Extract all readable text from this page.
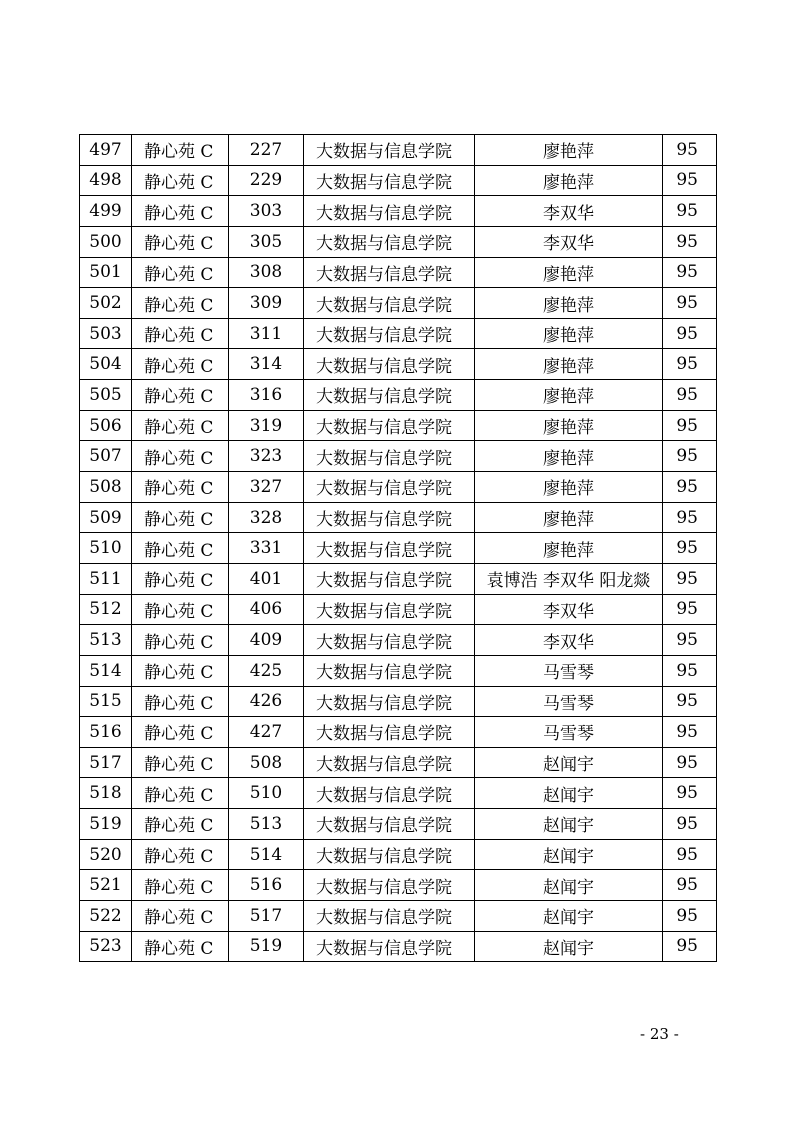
497	静心苑 C	227	大数据与信息学院	廖艳萍	95
498	静心苑 C	229	大数据与信息学院	廖艳萍	95
499	静心苑 C	303	大数据与信息学院	李双华	95
500	静心苑 C	305	大数据与信息学院	李双华	95
501	静心苑 C	308	大数据与信息学院	廖艳萍	95
502	静心苑 C	309	大数据与信息学院	廖艳萍	95
503	静心苑 C	311	大数据与信息学院	廖艳萍	95
504	静心苑 C	314	大数据与信息学院	廖艳萍	95
505	静心苑 C	316	大数据与信息学院	廖艳萍	95
506	静心苑 C	319	大数据与信息学院	廖艳萍	95
507	静心苑 C	323	大数据与信息学院	廖艳萍	95
508	静心苑 C	327	大数据与信息学院	廖艳萍	95
509	静心苑 C	328	大数据与信息学院	廖艳萍	95
510	静心苑 C	331	大数据与信息学院	廖艳萍	95
511	静心苑 C	401	大数据与信息学院	袁博浩 李双华 阳龙燚	95
512	静心苑 C	406	大数据与信息学院	李双华	95
513	静心苑 C	409	大数据与信息学院	李双华	95
514	静心苑 C	425	大数据与信息学院	马雪琴	95
515	静心苑 C	426	大数据与信息学院	马雪琴	95
516	静心苑 C	427	大数据与信息学院	马雪琴	95
517	静心苑 C	508	大数据与信息学院	赵闻宇	95
518	静心苑 C	510	大数据与信息学院	赵闻宇	95
519	静心苑 C	513	大数据与信息学院	赵闻宇	95
520	静心苑 C	514	大数据与信息学院	赵闻宇	95
521	静心苑 C	516	大数据与信息学院	赵闻宇	95
522	静心苑 C	517	大数据与信息学院	赵闻宇	95
523	静心苑 C	519	大数据与信息学院	赵闻宇	95
- 23 -
